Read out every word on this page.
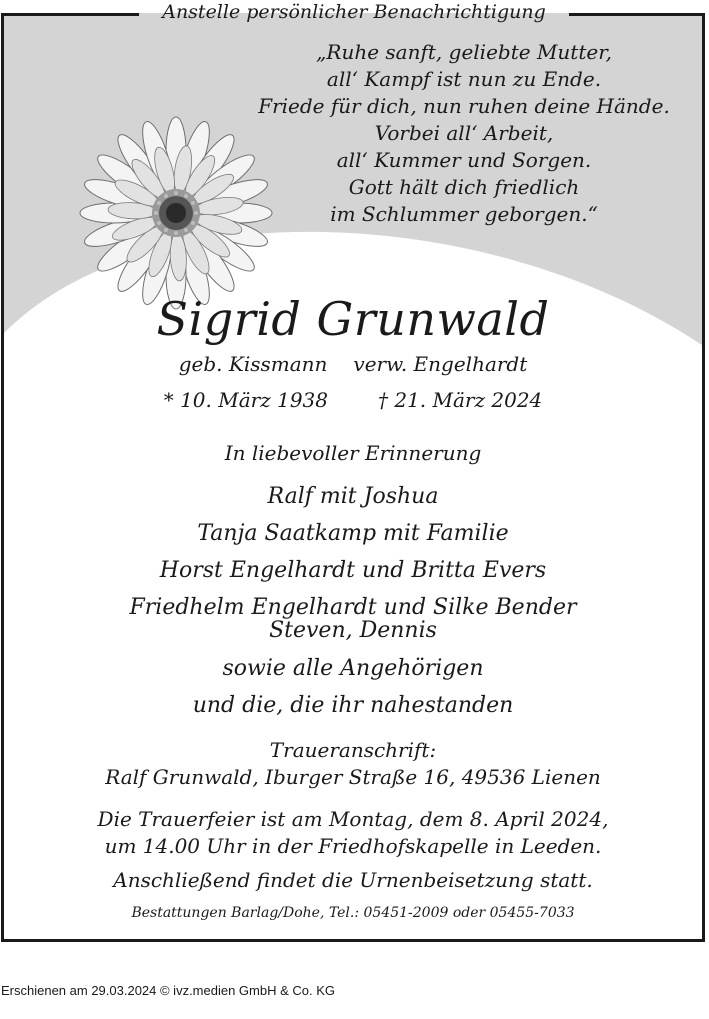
„Ruhe sanft, geliebte Mutter,
all‘ Kampf ist nun zu Ende.
Friede für dich, nun ruhen deine Hände.
Vorbei all‘ Arbeit,
all‘ Kummer und Sorgen.
Gott hält dich friedlich
im Schlummer geborgen.“
Sigrid Grunwald
geb. Kissmann verw. Engelhardt
* 10. März 1938	† 21. März 2024
In liebevoller Erinnerung
Ralf mit Joshua
Tanja Saatkamp mit Familie
Horst Engelhardt und Britta Evers
Friedhelm Engelhardt und Silke Bender
Steven, Dennis
sowie alle Angehörigen
und die, die ihr nahestanden
Traueranschrift:
Ralf Grunwald, Iburger Straße 16, 49536 Lienen
Die Trauerfeier ist am Montag, dem 8. April 2024,
um 14.00 Uhr in der Friedhofskapelle in Leeden.
Anschließend findet die Urnenbeisetzung statt.
Bestattungen Barlag/Dohe, Tel.: 05451-2009 oder 05455-7033
Anstelle persönlicher Benachrichtigung
Erschienen am 29.03.2024 © ivz.medien GmbH & Co. KG
